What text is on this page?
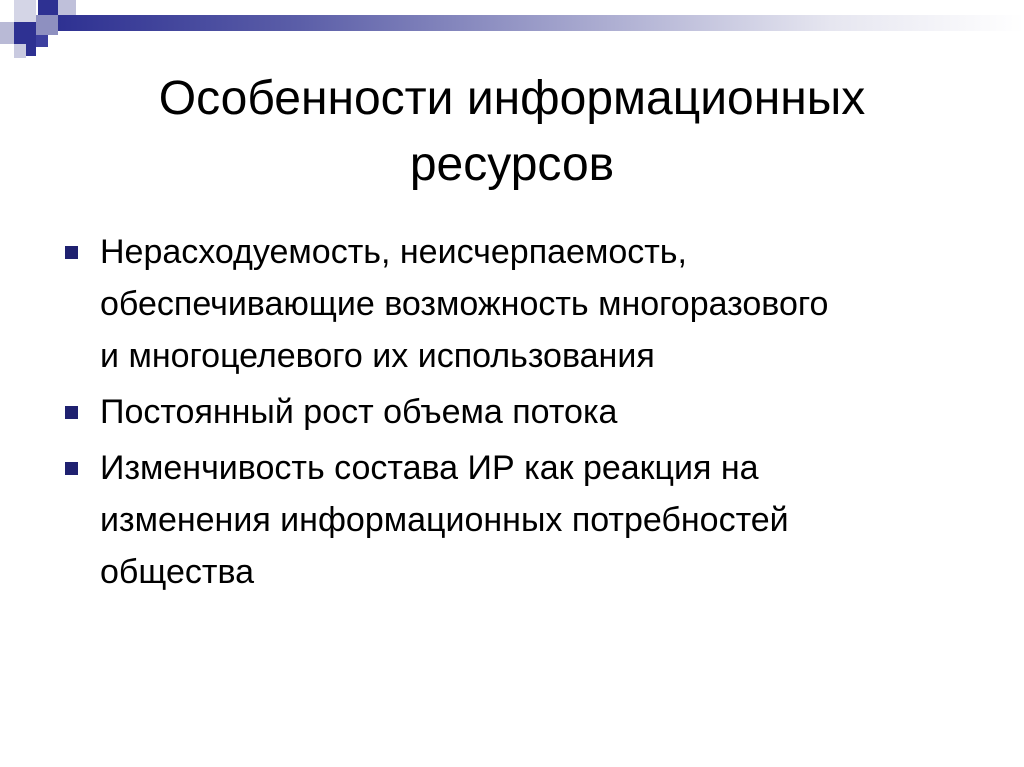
Особенности информационных
ресурсов
Нерасходуемость, неисчерпаемость,
обеспечивающие возможность многоразового
и многоцелевого их использования
Постоянный рост объема потока
Изменчивость состава ИР как реакция на
изменения информационных потребностей
общества
